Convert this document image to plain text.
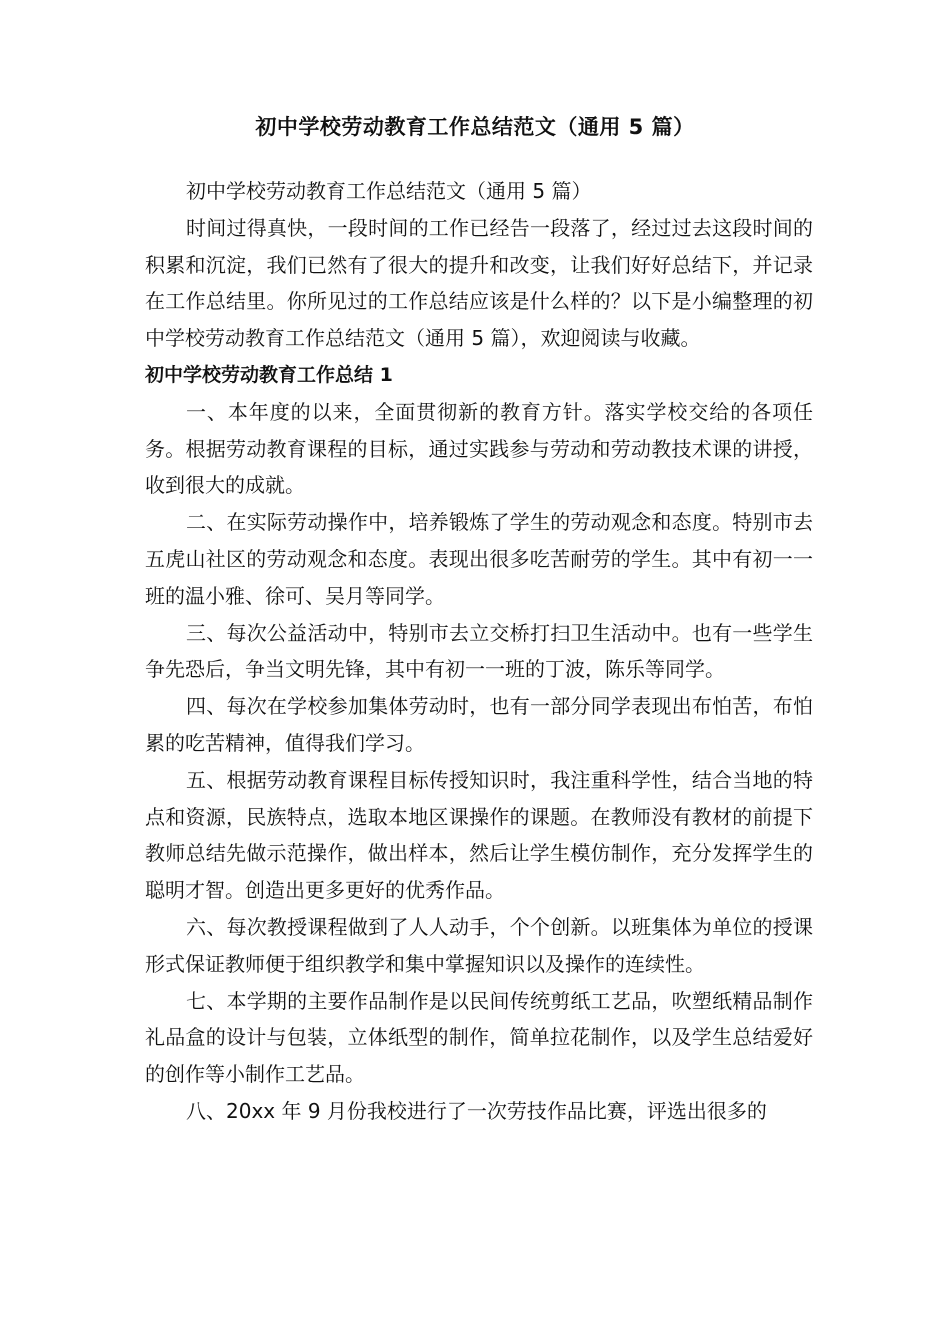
初中学校劳动教育工作总结范文（通用 5 篇）

初中学校劳动教育工作总结范文（通用 5 篇）

时间过得真快，一段时间的工作已经告一段落了，经过过去这段时间的积累和沉淀，我们已然有了很大的提升和改变，让我们好好总结下，并记录在工作总结里。你所见过的工作总结应该是什么样的？以下是小编整理的初中学校劳动教育工作总结范文（通用 5 篇），欢迎阅读与收藏。

初中学校劳动教育工作总结 1

一、本年度的以来，全面贯彻新的教育方针。落实学校交给的各项任务。根据劳动教育课程的目标，通过实践参与劳动和劳动教技术课的讲授，收到很大的成就。

二、在实际劳动操作中，培养锻炼了学生的劳动观念和态度。特别市去五虎山社区的劳动观念和态度。表现出很多吃苦耐劳的学生。其中有初一一班的温小雅、徐可、吴月等同学。

三、每次公益活动中，特别市去立交桥打扫卫生活动中。也有一些学生争先恐后，争当文明先锋，其中有初一一班的丁波，陈乐等同学。

四、每次在学校参加集体劳动时，也有一部分同学表现出布怕苦，布怕累的吃苦精神，值得我们学习。

五、根据劳动教育课程目标传授知识时，我注重科学性，结合当地的特点和资源，民族特点，选取本地区课操作的课题。在教师没有教材的前提下教师总结先做示范操作，做出样本，然后让学生模仿制作，充分发挥学生的聪明才智。创造出更多更好的优秀作品。

六、每次教授课程做到了人人动手，个个创新。以班集体为单位的授课形式保证教师便于组织教学和集中掌握知识以及操作的连续性。

七、本学期的主要作品制作是以民间传统剪纸工艺品，吹塑纸精品制作礼品盒的设计与包装，立体纸型的制作，简单拉花制作，以及学生总结爱好的创作等小制作工艺品。

八、20xx 年 9 月份我校进行了一次劳技作品比赛，评选出很多的
